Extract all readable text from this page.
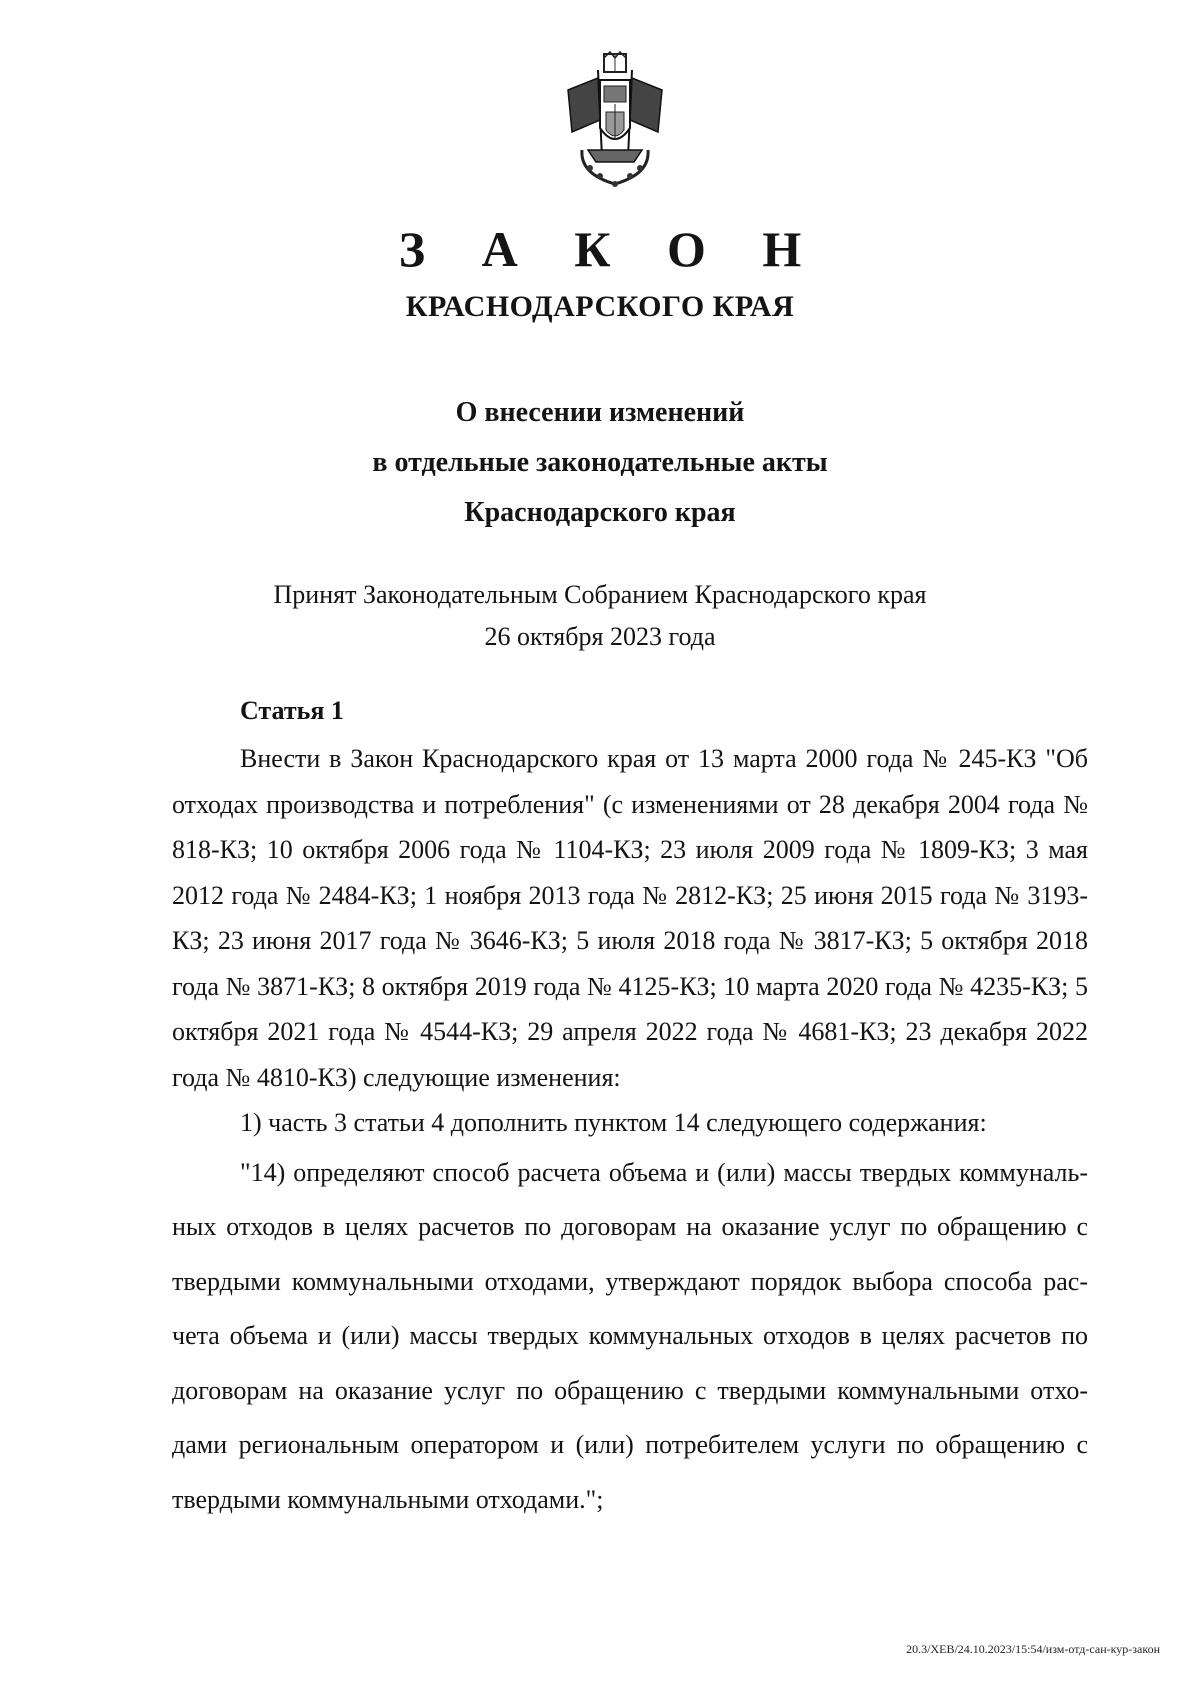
З А К О Н
КРАСНОДАРСКОГО КРАЯ
О внесении изменений
в отдельные законодательные акты
Краснодарского края
Принят Законодательным Собранием Краснодарского края
26 октября 2023 года
Статья 1

Внести в Закон Краснодарского края от 13 марта 2000 года № 245-КЗ "Об отходах производства и потребления" (с изменениями от 28 декабря 2004 года № 818-КЗ; 10 октября 2006 года № 1104-КЗ; 23 июля 2009 года № 1809-КЗ; 3 мая 2012 года № 2484-КЗ; 1 ноября 2013 года № 2812-КЗ; 25 июня 2015 года № 3193-КЗ; 23 июня 2017 года № 3646-КЗ; 5 июля 2018 года № 3817-КЗ; 5 октября 2018 года № 3871-КЗ; 8 октября 2019 года № 4125-КЗ; 10 марта 2020 года № 4235-КЗ; 5 октября 2021 года № 4544-КЗ; 29 апреля 2022 года № 4681-КЗ; 23 декабря 2022 года № 4810-КЗ) следующие изменения:

1) часть 3 статьи 4 дополнить пунктом 14 следующего содержания:

"14) определяют способ расчета объема и (или) массы твердых коммуналь-ных отходов в целях расчетов по договорам на оказание услуг по обращению с твердыми коммунальными отходами, утверждают порядок выбора способа рас-чета объема и (или) массы твердых коммунальных отходов в целях расчетов по договорам на оказание услуг по обращению с твердыми коммунальными отхо-дами региональным оператором и (или) потребителем услуги по обращению с твердыми коммунальными отходами.";

20.3/ХЕВ/24.10.2023/15:54/изм-отд-сан-кур-закон
